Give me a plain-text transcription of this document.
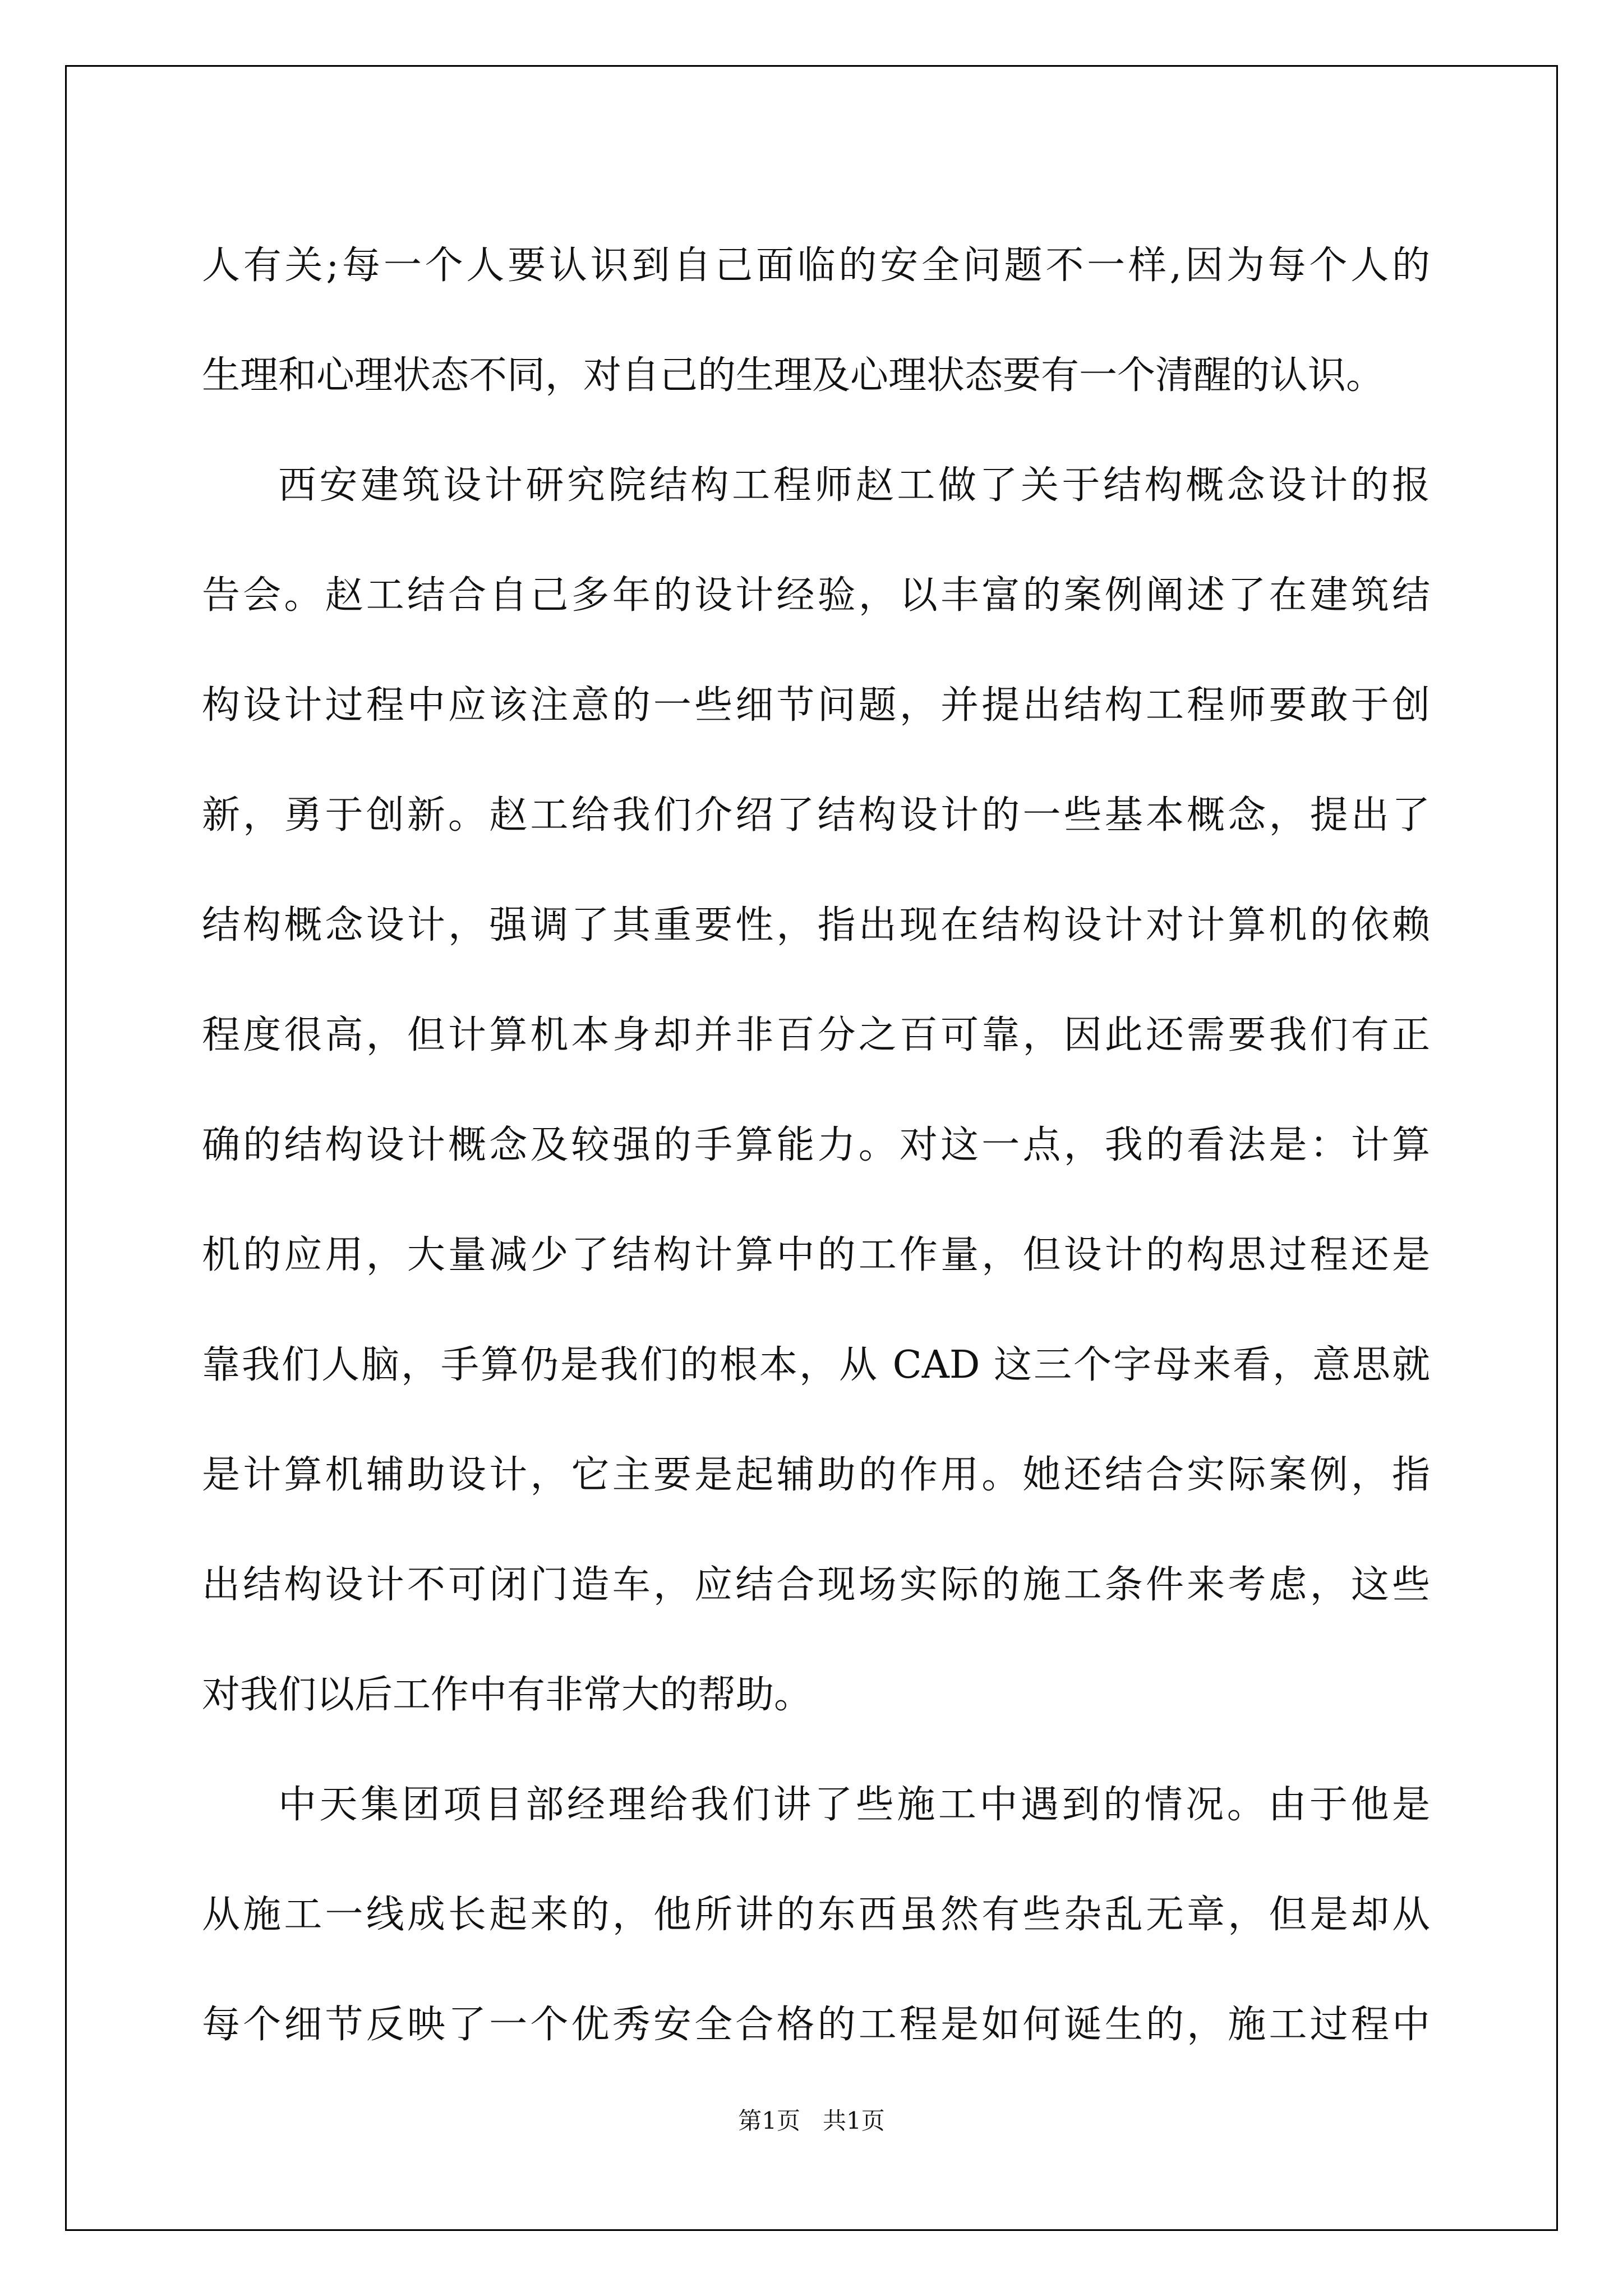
人有关;每一个人要认识到自己面临的安全问题不一样,因为每个人的
生理和心理状态不同，对自己的生理及心理状态要有一个清醒的认识。
西安建筑设计研究院结构工程师赵工做了关于结构概念设计的报
告会。赵工结合自己多年的设计经验，以丰富的案例阐述了在建筑结
构设计过程中应该注意的一些细节问题，并提出结构工程师要敢于创
新，勇于创新。赵工给我们介绍了结构设计的一些基本概念，提出了
结构概念设计，强调了其重要性，指出现在结构设计对计算机的依赖
程度很高，但计算机本身却并非百分之百可靠，因此还需要我们有正
确的结构设计概念及较强的手算能力。对这一点，我的看法是：计算
机的应用，大量减少了结构计算中的工作量，但设计的构思过程还是
靠我们人脑，手算仍是我们的根本，从 CAD 这三个字母来看，意思就
是计算机辅助设计，它主要是起辅助的作用。她还结合实际案例，指
出结构设计不可闭门造车，应结合现场实际的施工条件来考虑，这些
对我们以后工作中有非常大的帮助。
中天集团项目部经理给我们讲了些施工中遇到的情况。由于他是
从施工一线成长起来的，他所讲的东西虽然有些杂乱无章，但是却从
每个细节反映了一个优秀安全合格的工程是如何诞生的，施工过程中
第1页   共1页
